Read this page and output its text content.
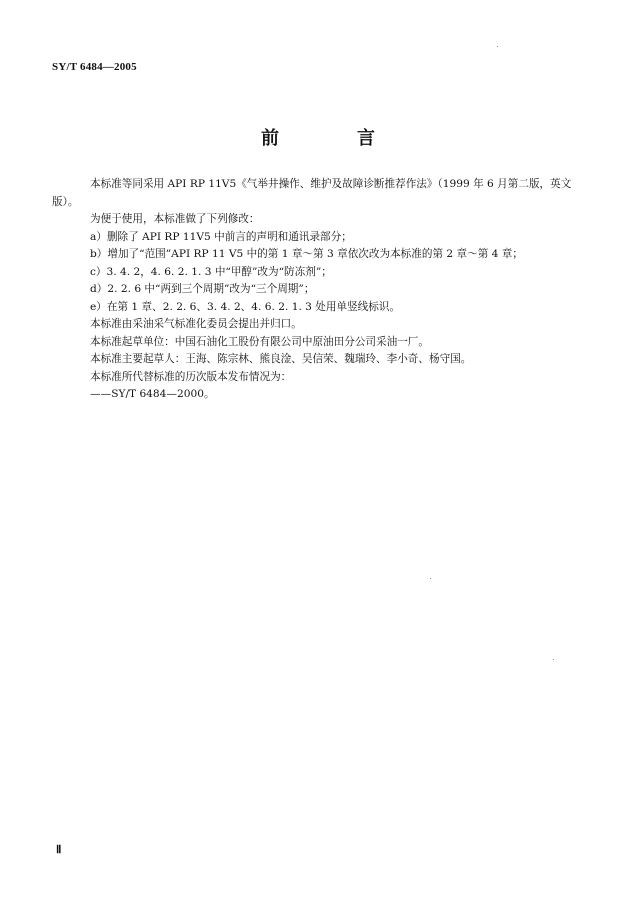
SY/T 6484—2005
前　言

本标准等同采用 API RP 11V5《气举井操作、维护及故障诊断推荐作法》（1999 年 6 月第二版，英文版）。

为便于使用，本标准做了下列修改：

a）删除了 API RP 11V5 中前言的声明和通讯录部分；

b）增加了“范围”API RP 11 V5 中的第 1 章～第 3 章依次改为本标准的第 2 章～第 4 章；

c）3. 4. 2，4. 6. 2. 1. 3 中“甲醇”改为“防冻剂”；

d）2. 2. 6 中“两到三个周期”改为“三个周期”；

e）在第 1 章、2. 2. 6、3. 4. 2、4. 6. 2. 1. 3 处用单竖线标识。

本标准由采油采气标准化委员会提出并归口。

本标准起草单位：中国石油化工股份有限公司中原油田分公司采油一厂。

本标准主要起草人：王海、陈宗林、熊良淦、吴信荣、魏瑞玲、李小奇、杨守国。

本标准所代替标准的历次版本发布情况为：

——SY/T 6484—2000。

Ⅱ
